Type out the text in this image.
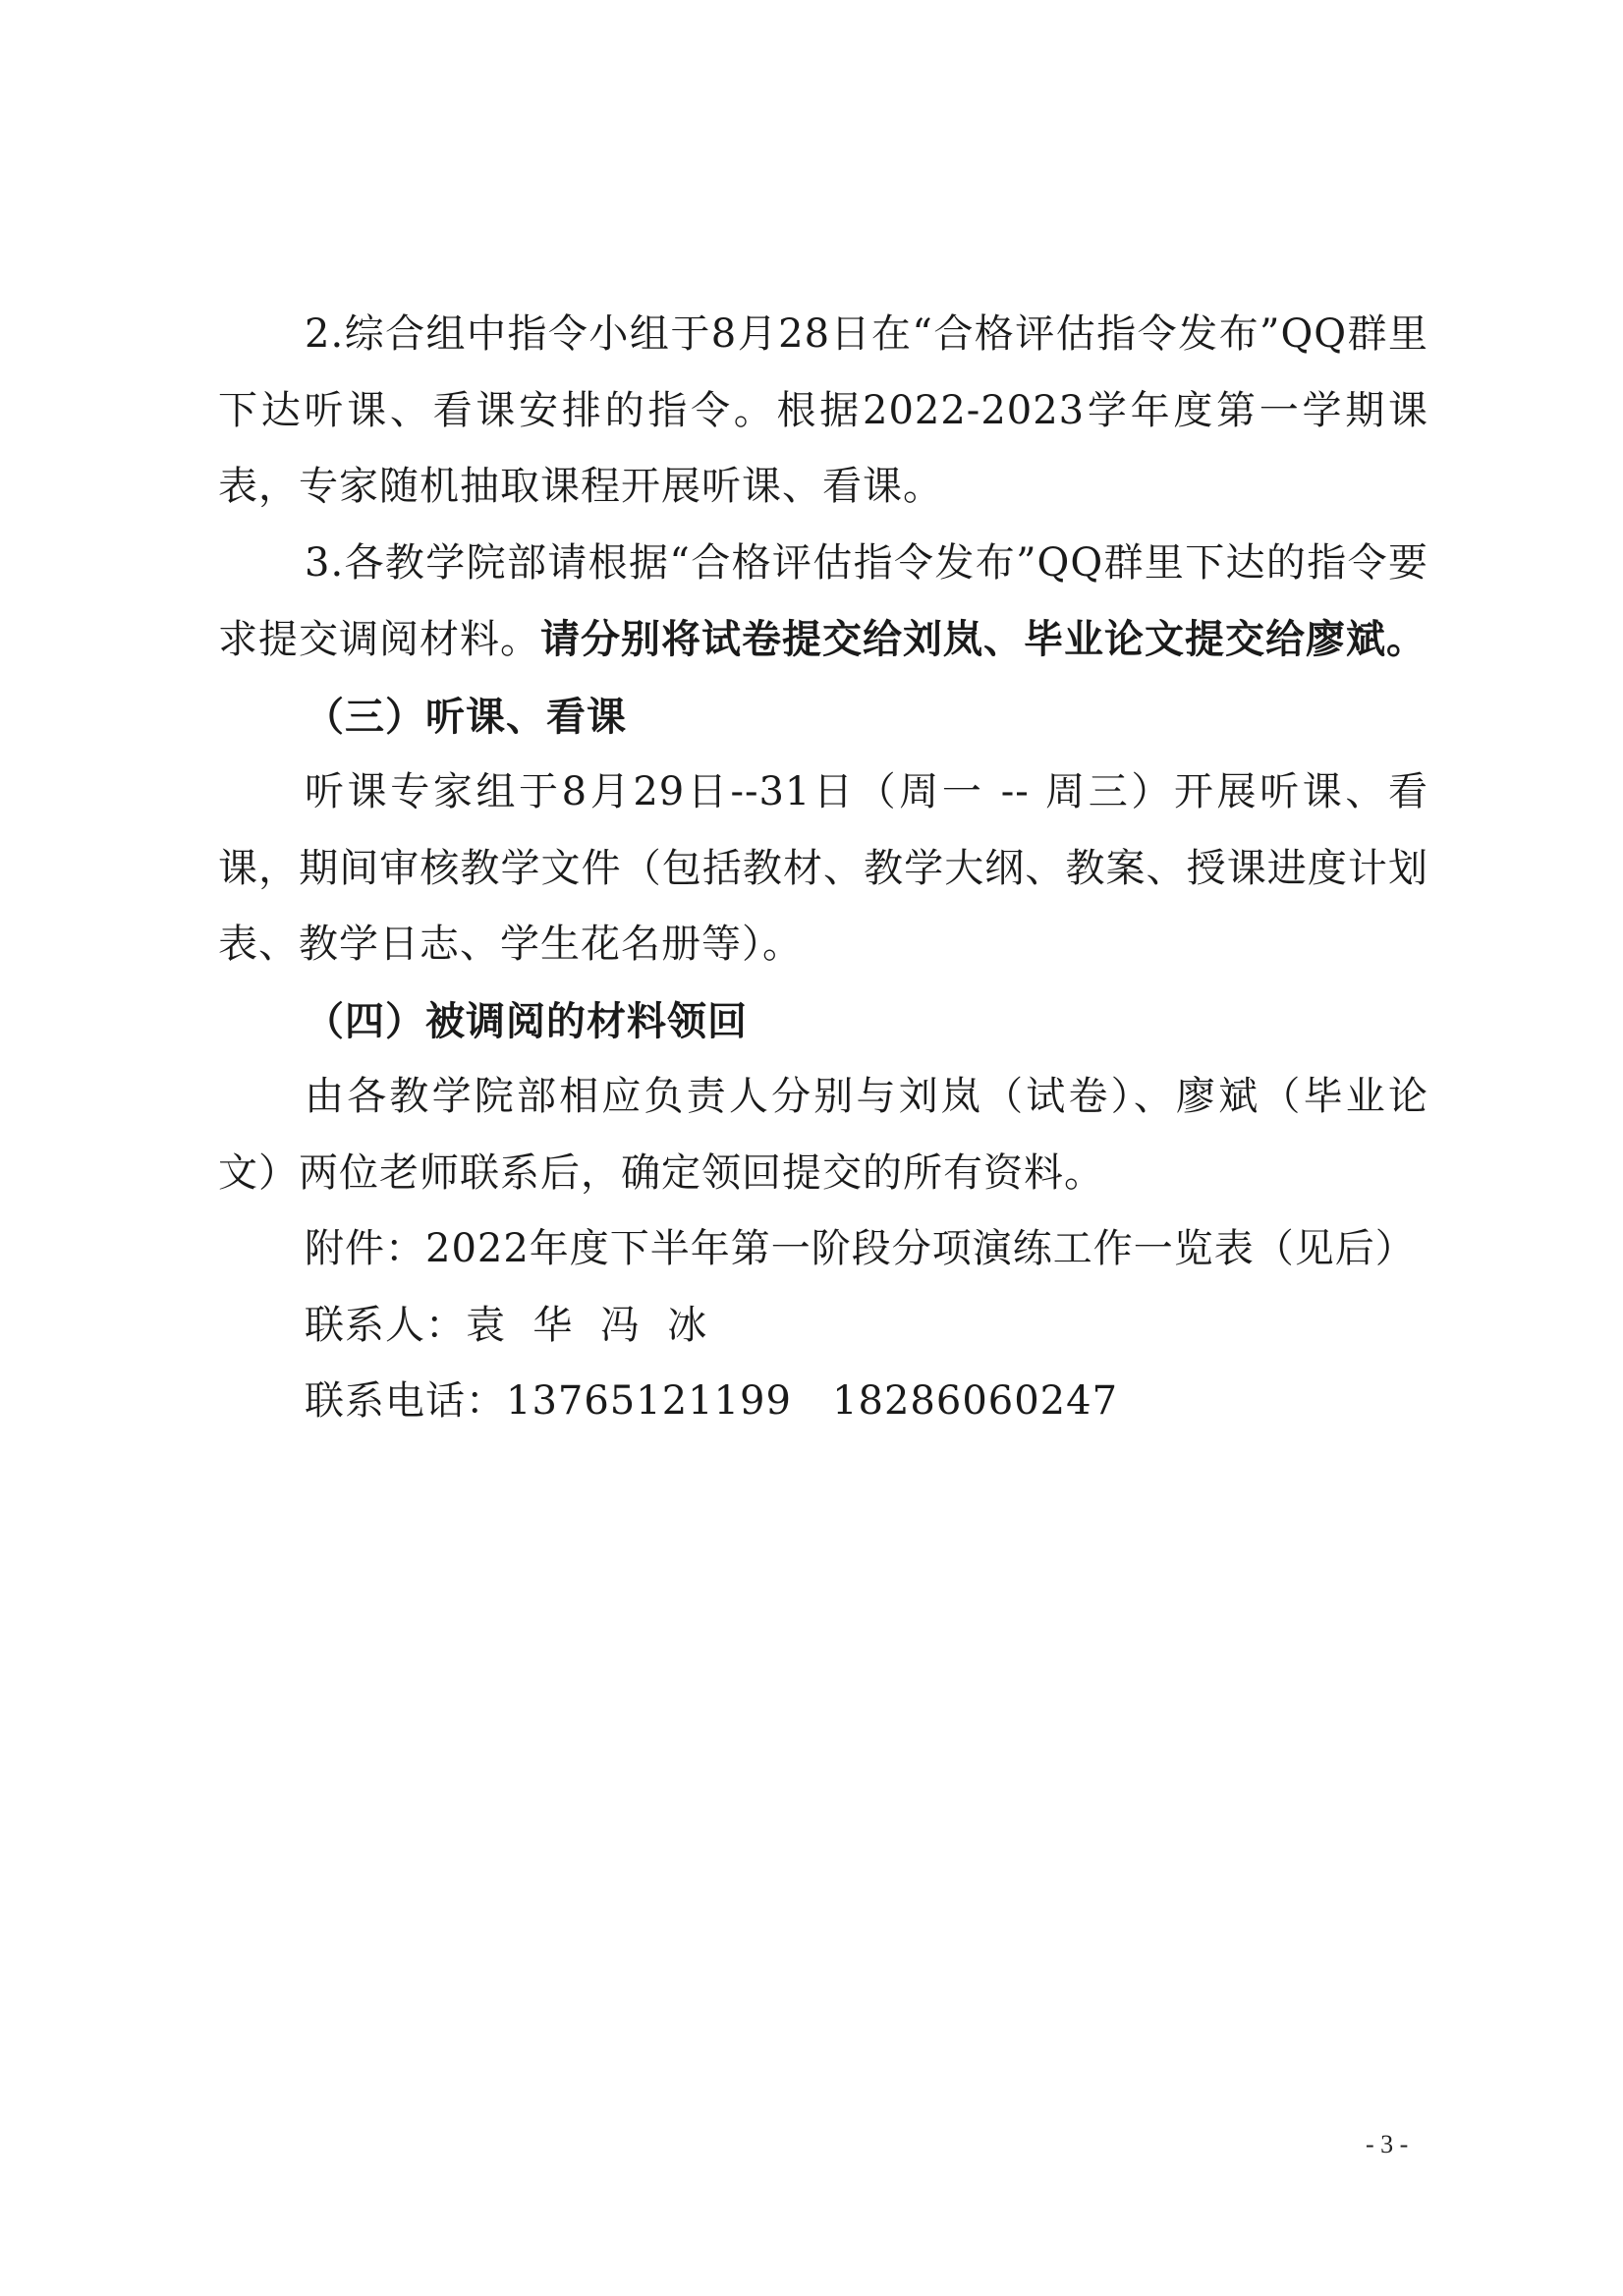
2.综合组中指令小组于8月28日在“合格评估指令发布”QQ群里下达听课、看课安排的指令。根据2022-2023学年度第一学期课表，专家随机抽取课程开展听课、看课。

3.各教学院部请根据“合格评估指令发布”QQ群里下达的指令要求提交调阅材料。请分别将试卷提交给刘岚、毕业论文提交给廖斌。

（三）听课、看课

听课专家组于8月29日--31日（周一 -- 周三）开展听课、看课，期间审核教学文件（包括教材、教学大纲、教案、授课进度计划表、教学日志、学生花名册等）。

（四）被调阅的材料领回

由各教学院部相应负责人分别与刘岚（试卷）、廖斌（毕业论文）两位老师联系后，确定领回提交的所有资料。

附件：2022年度下半年第一阶段分项演练工作一览表（见后）

联系人：袁  华  冯  冰

联系电话：13765121199   18286060247

- 3 -
